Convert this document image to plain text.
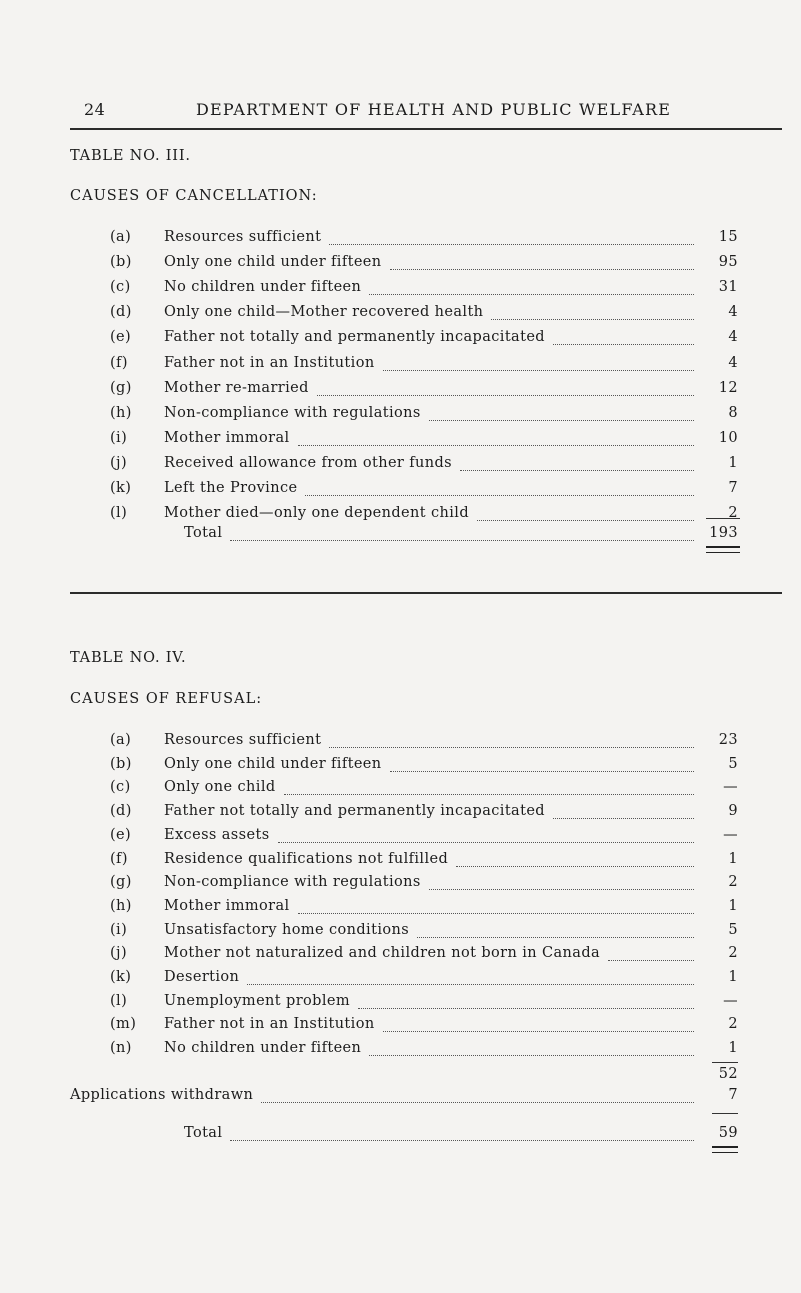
24	DEPARTMENT OF HEALTH AND PUBLIC WELFARE
TABLE NO. III.
CAUSES OF CANCELLATION:
(a) Resources sufficient	15
(b) Only one child under fifteen	95
(c) No children under fifteen	31
(d) Only one child—Mother recovered health	4
(e) Father not totally and permanently incapacitated	4
(f) Father not in an Institution	4
(g) Mother re-married	12
(h) Non-compliance with regulations	8
(i)	Mother immoral	10
(j)	Received allowance from other funds	1
(k) Left the Province	7
(l)	Mother died—only one dependent child	2
Total	193
TABLE NO. IV.
CAUSES OF REFUSAL:
(a) Resources sufficient	23
(b) Only one child under fifteen	5
(c) Only one child	—
(d) Father not totally and permanently incapacitated	9
(e) Excess assets	—
(f) Residence qualifications not fulfilled	1
(g) Non-compliance with regulations	2
(h) Mother immoral	1
(i)	Unsatisfactory home conditions	5
(j)	Mother not naturalized and children not born in Canada	2
(k) Desertion	1
(l)	Unemployment problem	—
(m) Father not in an Institution	2
(n) No children under fifteen	1
52
Applications withdrawn	7
Total	59
